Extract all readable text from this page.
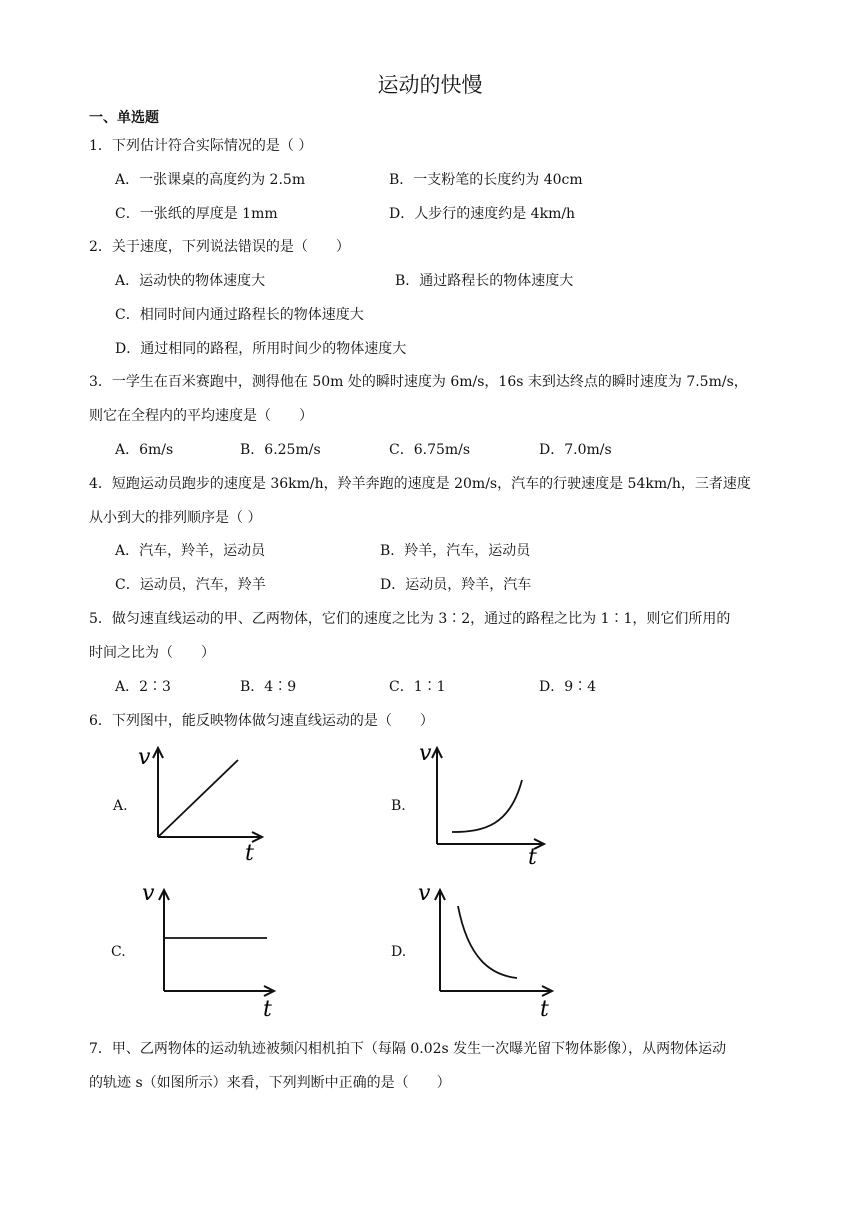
运动的快慢
一、单选题
1．下列估计符合实际情况的是（ ）
A．一张课桌的高度约为 2.5m	B．一支粉笔的长度约为 40cm
C．一张纸的厚度是 1mm	D．人步行的速度约是 4km/h
2．关于速度，下列说法错误的是（　　）
A．运动快的物体速度大	B．通过路程长的物体速度大
C．相同时间内通过路程长的物体速度大
D．通过相同的路程，所用时间少的物体速度大
3．一学生在百米赛跑中，测得他在 50m 处的瞬时速度为 6m/s，16s 末到达终点的瞬时速度为 7.5m/s，
则它在全程内的平均速度是（　　）
A．6m/s	B．6.25m/s	C．6.75m/s	D．7.0m/s
4．短跑运动员跑步的速度是 36km/h，羚羊奔跑的速度是 20m/s，汽车的行驶速度是 54km/h，三者速度
从小到大的排列顺序是（ ）
A．汽车，羚羊，运动员	B．羚羊，汽车，运动员
C．运动员，汽车，羚羊	D．运动员，羚羊，汽车
5．做匀速直线运动的甲、乙两物体，它们的速度之比为 3∶2，通过的路程之比为 1∶1，则它们所用的
时间之比为（　　）
A．2∶3	B．4∶9	C．1∶1	D．9∶4
6．下列图中，能反映物体做匀速直线运动的是（　　）
A.
v
t
B.
v
t
C.
v
t
D.
v
t
7．甲、乙两物体的运动轨迹被频闪相机拍下（每隔 0.02s 发生一次曝光留下物体影像），从两物体运动
的轨迹 s（如图所示）来看，下列判断中正确的是（　　）
